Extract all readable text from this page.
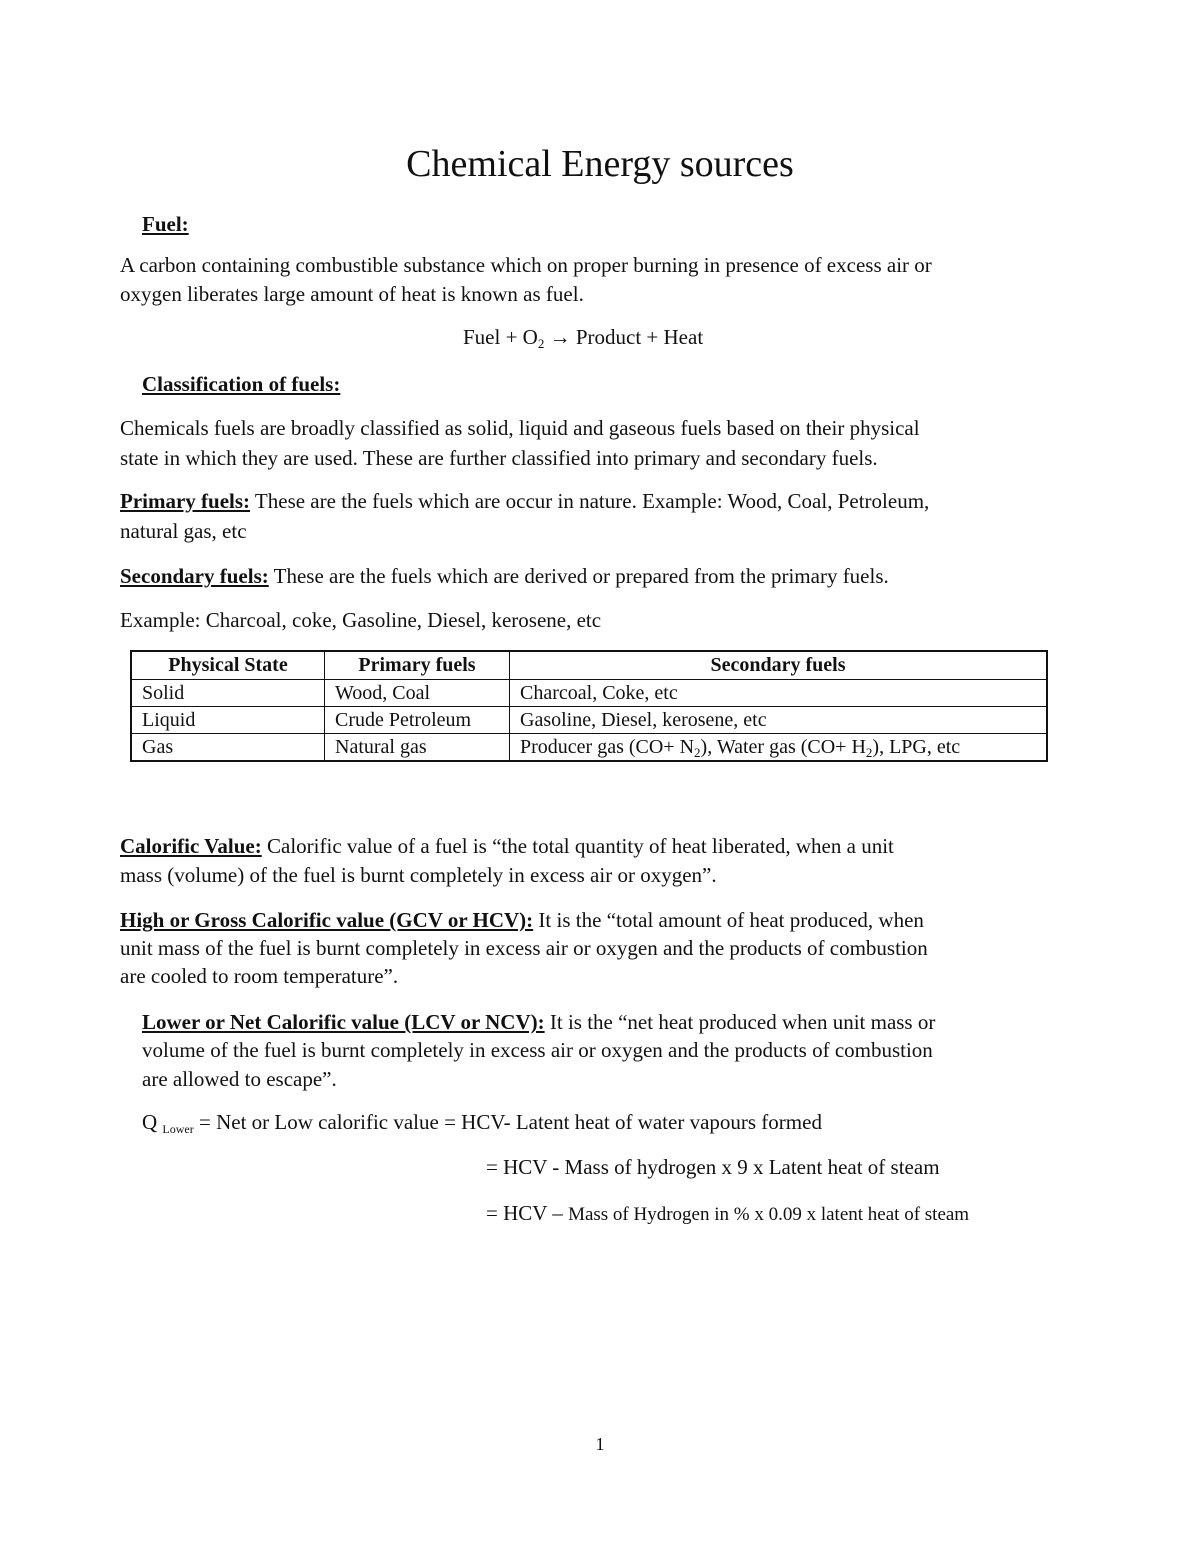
Chemical Energy sources
Fuel:
A carbon containing combustible substance which on proper burning in presence of excess air or
oxygen liberates large amount of heat is known as fuel.
Fuel + $O_2$ → Product + Heat
Classification of fuels:
Chemicals fuels are broadly classified as solid, liquid and gaseous fuels based on their physical
state in which they are used. These are further classified into primary and secondary fuels.
Primary fuels: These are the fuels which are occur in nature. Example: Wood, Coal, Petroleum,
natural gas, etc
Secondary fuels: These are the fuels which are derived or prepared from the primary fuels.
Example: Charcoal, coke, Gasoline, Diesel, kerosene, etc
Physical State	Primary fuels	Secondary fuels
Solid	Wood, Coal	Charcoal, Coke, etc
Liquid	Crude Petroleum	Gasoline, Diesel, kerosene, etc
Gas	Natural gas	Producer gas $(CO+ N_2)$, Water gas $(CO+ H_2)$, LPG, etc
Calorific Value: Calorific value of a fuel is “the total quantity of heat liberated, when a unit
mass (volume) of the fuel is burnt completely in excess air or oxygen”.
High or Gross Calorific value (GCV or HCV): It is the “total amount of heat produced, when
unit mass of the fuel is burnt completely in excess air or oxygen and the products of combustion
are cooled to room temperature”.
Lower or Net Calorific value (LCV or NCV): It is the “net heat produced when unit mass or
volume of the fuel is burnt completely in excess air or oxygen and the products of combustion
are allowed to escape”.
Q $_{Lower}$ = Net or Low calorific value = HCV- Latent heat of water vapours formed
= HCV - Mass of hydrogen x 9 x Latent heat of steam
= HCV – Mass of Hydrogen in % x 0.09 x latent heat of steam
1
